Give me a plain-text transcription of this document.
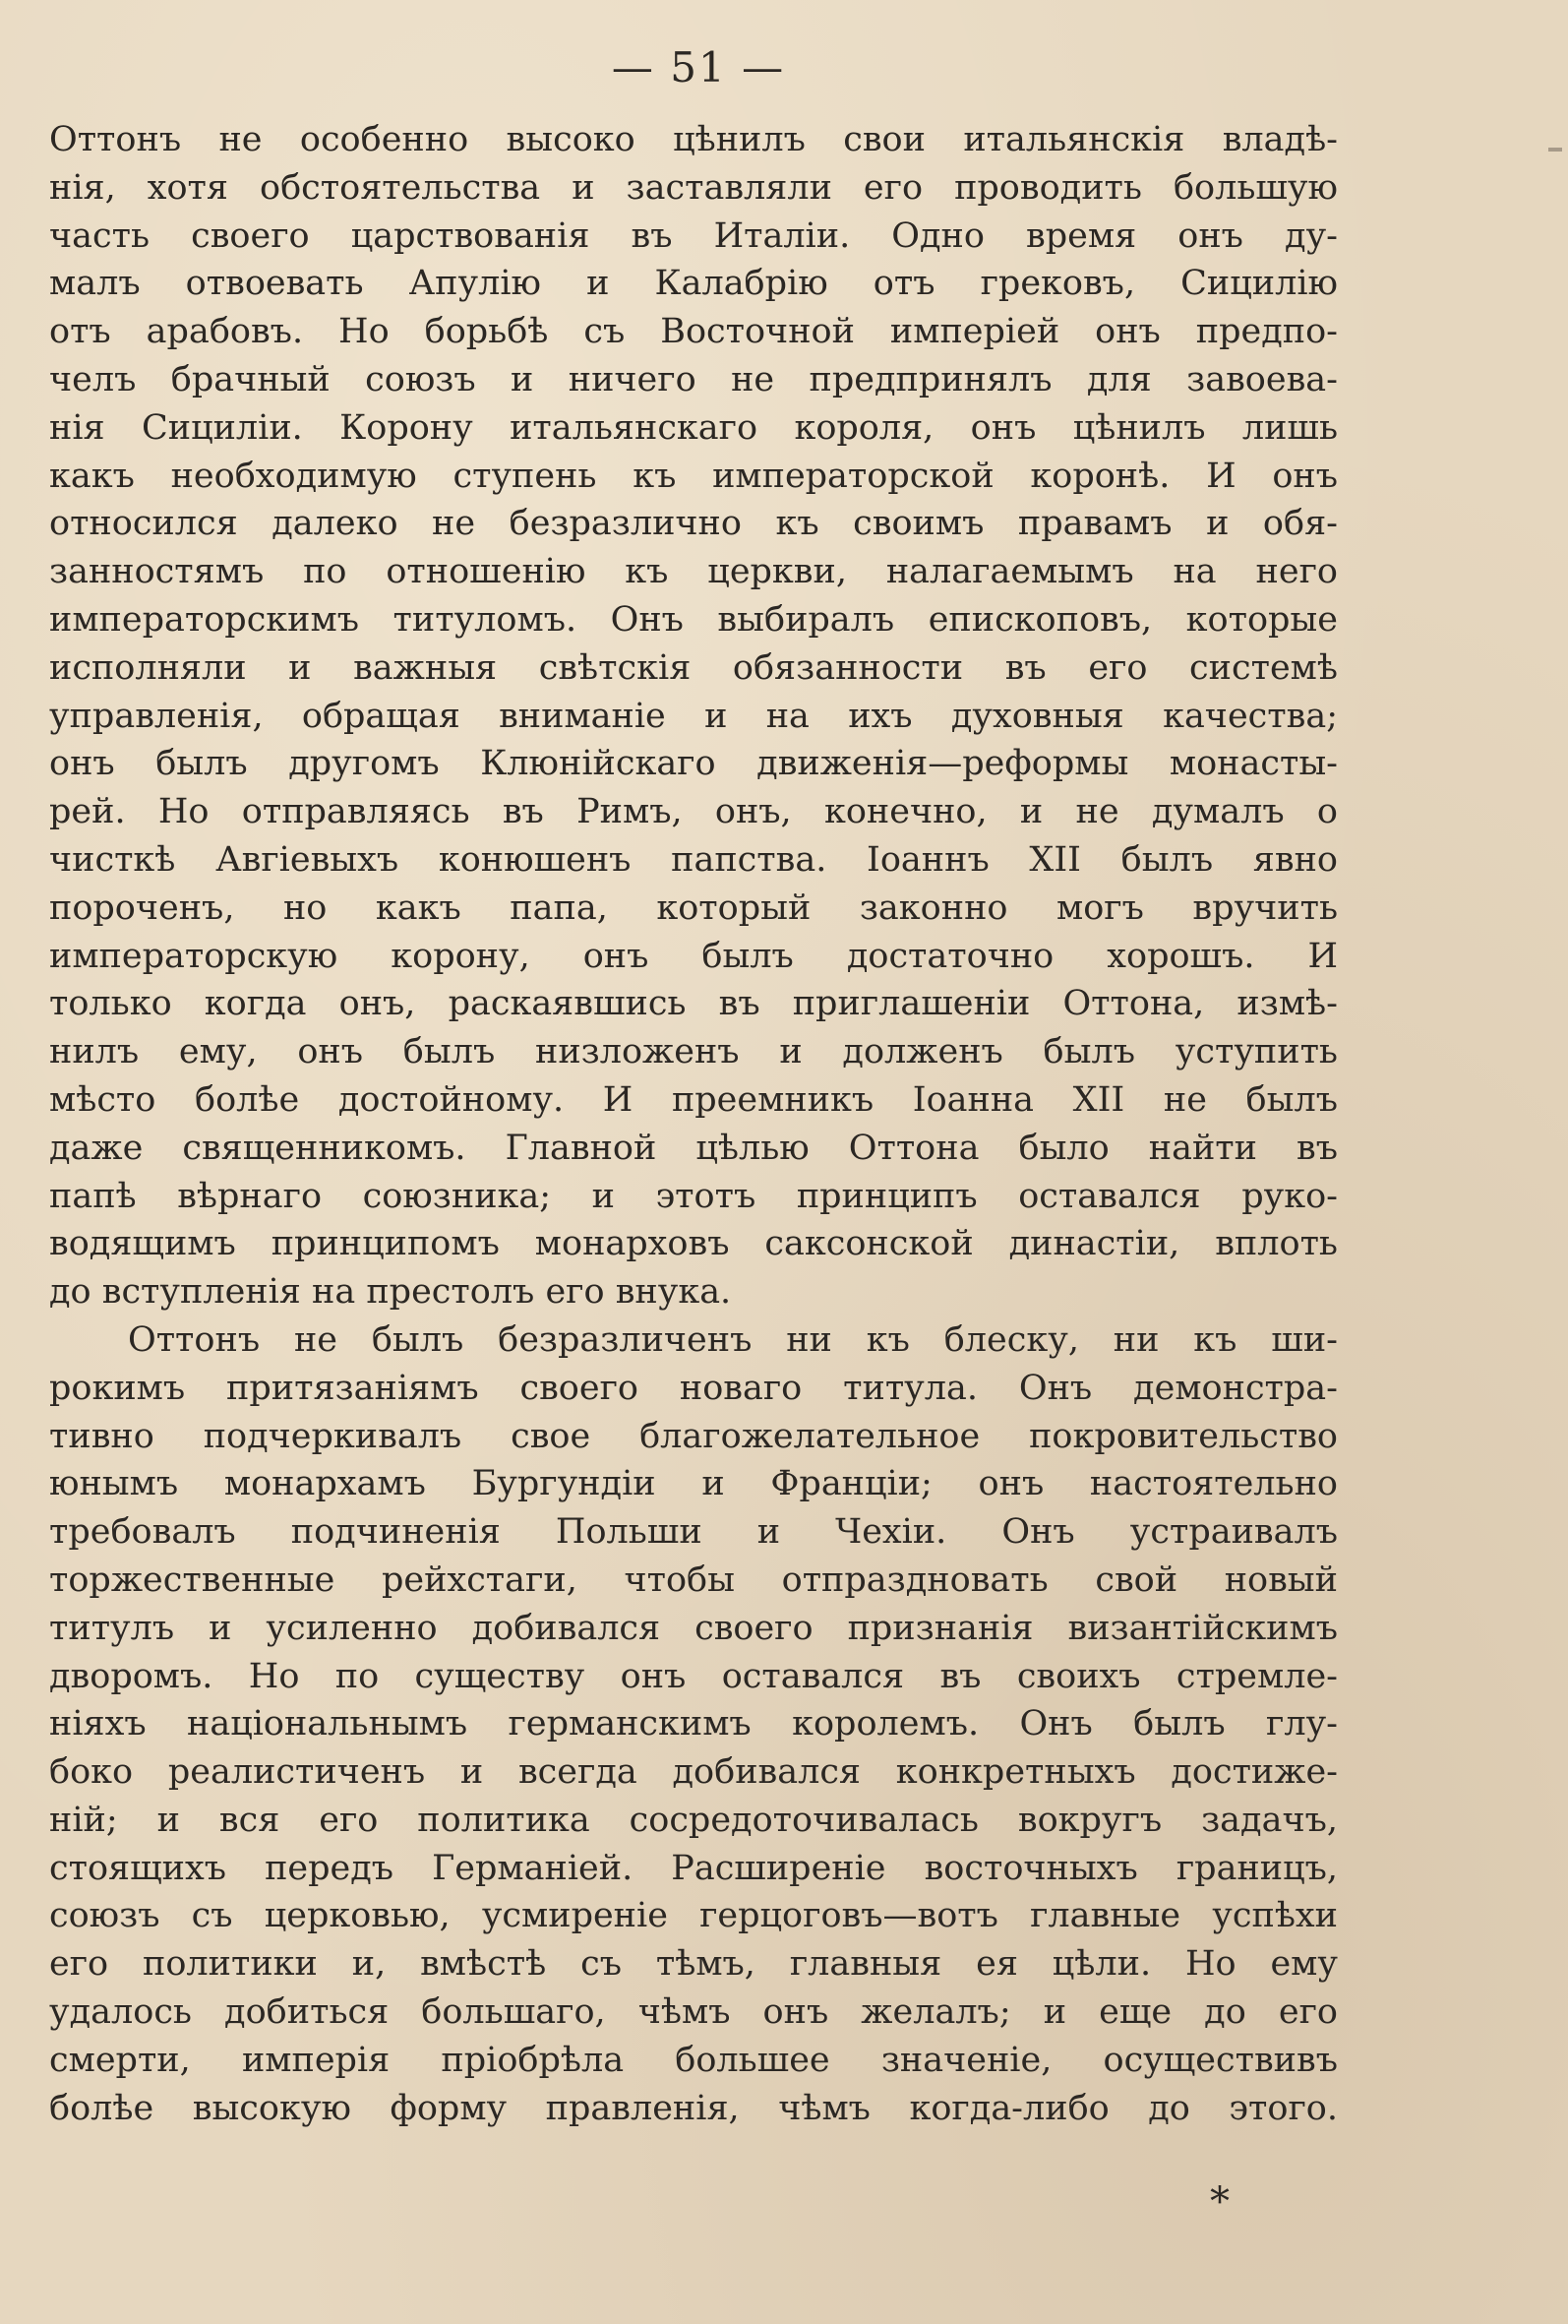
— 51 —
Оттонъ не особенно высоко цѣнилъ свои итальянскія владѣ-
нія, хотя обстоятельства и заставляли его проводить большую
часть своего царствованія въ Италіи. Одно время онъ ду-
малъ отвоевать Апулію и Калабрію отъ грековъ, Сицилію
отъ арабовъ. Но борьбѣ съ Восточной имперіей онъ предпо-
челъ брачный союзъ и ничего не предпринялъ для завоева-
нія Сициліи. Корону итальянскаго короля, онъ цѣнилъ лишь
какъ необходимую ступень къ императорской коронѣ. И онъ
относился далеко не безразлично къ своимъ правамъ и обя-
занностямъ по отношенію къ церкви, налагаемымъ на него
императорскимъ титуломъ. Онъ выбиралъ епископовъ, которые
исполняли и важныя свѣтскія обязанности въ его системѣ
управленія, обращая вниманіе и на ихъ духовныя качества;
онъ былъ другомъ Клюнійскаго движенія—реформы монасты-
рей. Но отправляясь въ Римъ, онъ, конечно, и не думалъ о
чисткѣ Авгіевыхъ конюшенъ папства. Іоаннъ XII былъ явно
пороченъ, но какъ папа, который законно могъ вручить
императорскую корону, онъ былъ достаточно хорошъ. И
только когда онъ, раскаявшись въ приглашеніи Оттона, измѣ-
нилъ ему, онъ былъ низложенъ и долженъ былъ уступить
мѣсто болѣе достойному. И преемникъ Іоанна XII не былъ
даже священникомъ. Главной цѣлью Оттона было найти въ
папѣ вѣрнаго союзника; и этотъ принципъ оставался руко-
водящимъ принципомъ монарховъ саксонской династіи, вплоть
до вступленія на престолъ его внука.
Оттонъ не былъ безразличенъ ни къ блеску, ни къ ши-
рокимъ притязаніямъ своего новаго титула. Онъ демонстра-
тивно подчеркивалъ свое благожелательное покровительство
юнымъ монархамъ Бургундіи и Франціи; онъ настоятельно
требовалъ подчиненія Польши и Чехіи. Онъ устраивалъ
торжественные рейхстаги, чтобы отпраздновать свой новый
титулъ и усиленно добивался своего признанія византійскимъ
дворомъ. Но по существу онъ оставался въ своихъ стремле-
ніяхъ національнымъ германскимъ королемъ. Онъ былъ глу-
боко реалистиченъ и всегда добивался конкретныхъ достиже-
ній; и вся его политика сосредоточивалась вокругъ задачъ,
стоящихъ передъ Германіей. Расширеніе восточныхъ границъ,
союзъ съ церковью, усмиреніе герцоговъ—вотъ главные успѣхи
его политики и, вмѣстѣ съ тѣмъ, главныя ея цѣли. Но ему
удалось добиться большаго, чѣмъ онъ желалъ; и еще до его
смерти, имперія пріобрѣла большее значеніе, осуществивъ
болѣе высокую форму правленія, чѣмъ когда-либо до этого.
*
